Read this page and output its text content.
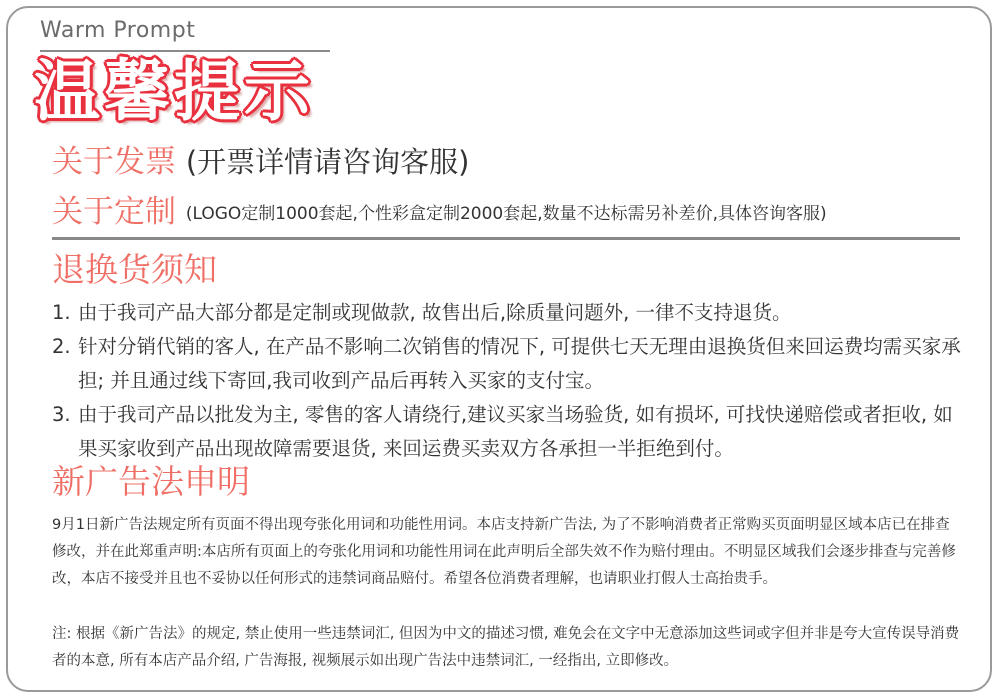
Warm Prompt
温馨提示
关于发票 (开票详情请咨询客服)
关于定制 (LOGO定制1000套起,个性彩盒定制2000套起,数量不达标需另补差价,具体咨询客服)
退换货须知
1. 由于我司产品大部分都是定制或现做款, 故售出后,除质量问题外, 一律不支持退货。
2. 针对分销代销的客人, 在产品不影响二次销售的情况下, 可提供七天无理由退换货但来回运费均需买家承担; 并且通过线下寄回,我司收到产品后再转入买家的支付宝。
3. 由于我司产品以批发为主, 零售的客人请绕行,建议买家当场验货, 如有损坏, 可找快递赔偿或者拒收, 如果买家收到产品出现故障需要退货, 来回运费买卖双方各承担一半拒绝到付。
新广告法申明

9月1日新广告法规定所有页面不得出现夸张化用词和功能性用词。本店支持新广告法, 为了不影响消费者正常购买页面明显区域本店已在排查修改，并在此郑重声明:本店所有页面上的夸张化用词和功能性用词在此声明后全部失效不作为赔付理由。不明显区域我们会逐步排查与完善修改，本店不接受并且也不妥协以任何形式的违禁词商品赔付。希望各位消费者理解，也请职业打假人士高抬贵手。

注: 根据《新广告法》的规定, 禁止使用一些违禁词汇, 但因为中文的描述习惯, 难免会在文字中无意添加这些词或字但并非是夸大宣传误导消费者的本意, 所有本店产品介绍, 广告海报, 视频展示如出现广告法中违禁词汇, 一经指出, 立即修改。
